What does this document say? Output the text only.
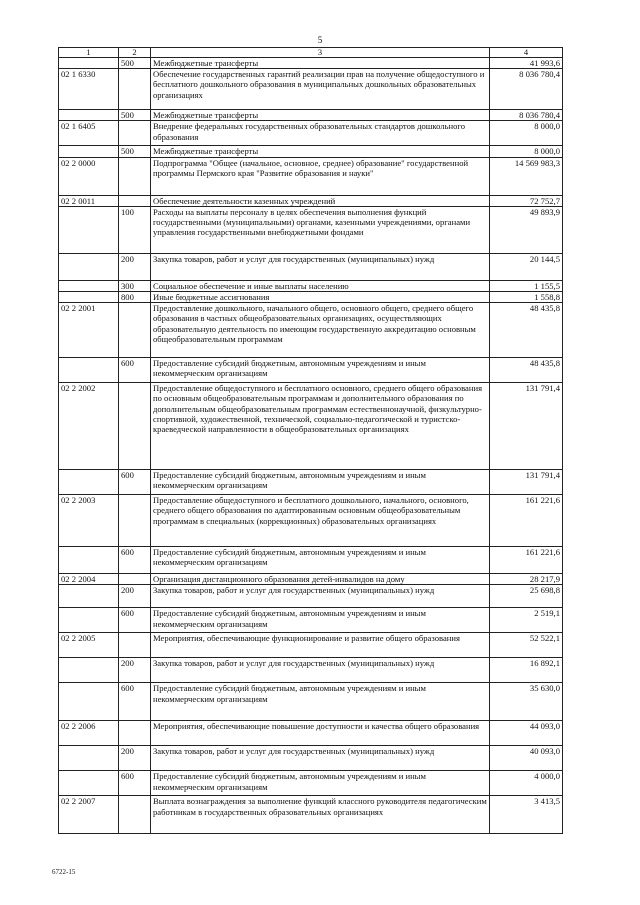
5
1	2	3	4
	500	Межбюджетные трансферты	41 993,6
02 1 6330		Обеспечение государственных гарантий реализации прав на получение общедоступного и бесплатного дошкольного образования в муниципальных дошкольных образовательных организациях	8 036 780,4
	500	Межбюджетные трансферты	8 036 780,4
02 1 6405		Внедрение федеральных государственных образовательных стандартов дошкольного образования	8 000,0
	500	Межбюджетные трансферты	8 000,0
02 2 0000		Подпрограмма "Общее (начальное, основное, среднее) образование" государственной программы Пермского края "Развитие образования и науки"	14 569 983,3
02 2 0011		Обеспечение деятельности казенных учреждений	72 752,7
	100	Расходы на выплаты персоналу в целях обеспечения выполнения функций государственными (муниципальными) органами, казенными учреждениями, органами управления государственными внебюджетными фондами	49 893,9
	200	Закупка товаров, работ и услуг для государственных (муниципальных) нужд	20 144,5
	300	Социальное обеспечение и иные выплаты населению	1 155,5
	800	Иные бюджетные ассигнования	1 558,8
02 2 2001		Предоставление дошкольного, начального общего, основного общего, среднего общего образования в частных общеобразовательных организациях, осуществляющих образовательную деятельность по имеющим государственную аккредитацию основным общеобразовательным программам	48 435,8
	600	Предоставление субсидий бюджетным, автономным учреждениям и иным некоммерческим организациям	48 435,8
02 2 2002		Предоставление общедоступного и бесплатного основного, среднего общего образования по основным общеобразовательным программам и дополнительного образования по дополнительным общеобразовательным программам естественнонаучной, физкультурно-спортивной, художественной, технической, социально-педагогической и туристско-краеведческой направленности в общеобразовательных организациях	131 791,4
	600	Предоставление субсидий бюджетным, автономным учреждениям и иным некоммерческим организациям	131 791,4
02 2 2003		Предоставление общедоступного и бесплатного дошкольного, начального, основного, среднего общего образования по адаптированным основным общеобразовательным программам в специальных (коррекционных) образовательных организациях	161 221,6
	600	Предоставление субсидий бюджетным, автономным учреждениям и иным некоммерческим организациям	161 221,6
02 2 2004		Организация дистанционного образования детей-инвалидов на дому	28 217,9
	200	Закупка товаров, работ и услуг для государственных (муниципальных) нужд	25 698,8
	600	Предоставление субсидий бюджетным, автономным учреждениям и иным некоммерческим организациям	2 519,1
02 2 2005		Мероприятия, обеспечивающие функционирование и развитие общего образования	52 522,1
	200	Закупка товаров, работ и услуг для государственных (муниципальных) нужд	16 892,1
	600	Предоставление субсидий бюджетным, автономным учреждениям и иным некоммерческим организациям	35 630,0
02 2 2006		Мероприятия, обеспечивающие повышение доступности и качества общего образования	44 093,0
	200	Закупка товаров, работ и услуг для государственных (муниципальных) нужд	40 093,0
	600	Предоставление субсидий бюджетным, автономным учреждениям и иным некоммерческим организациям	4 000,0
02 2 2007		Выплата вознаграждения за выполнение функций классного руководителя педагогическим работникам в государственных образовательных организациях	3 413,5
6722-15
